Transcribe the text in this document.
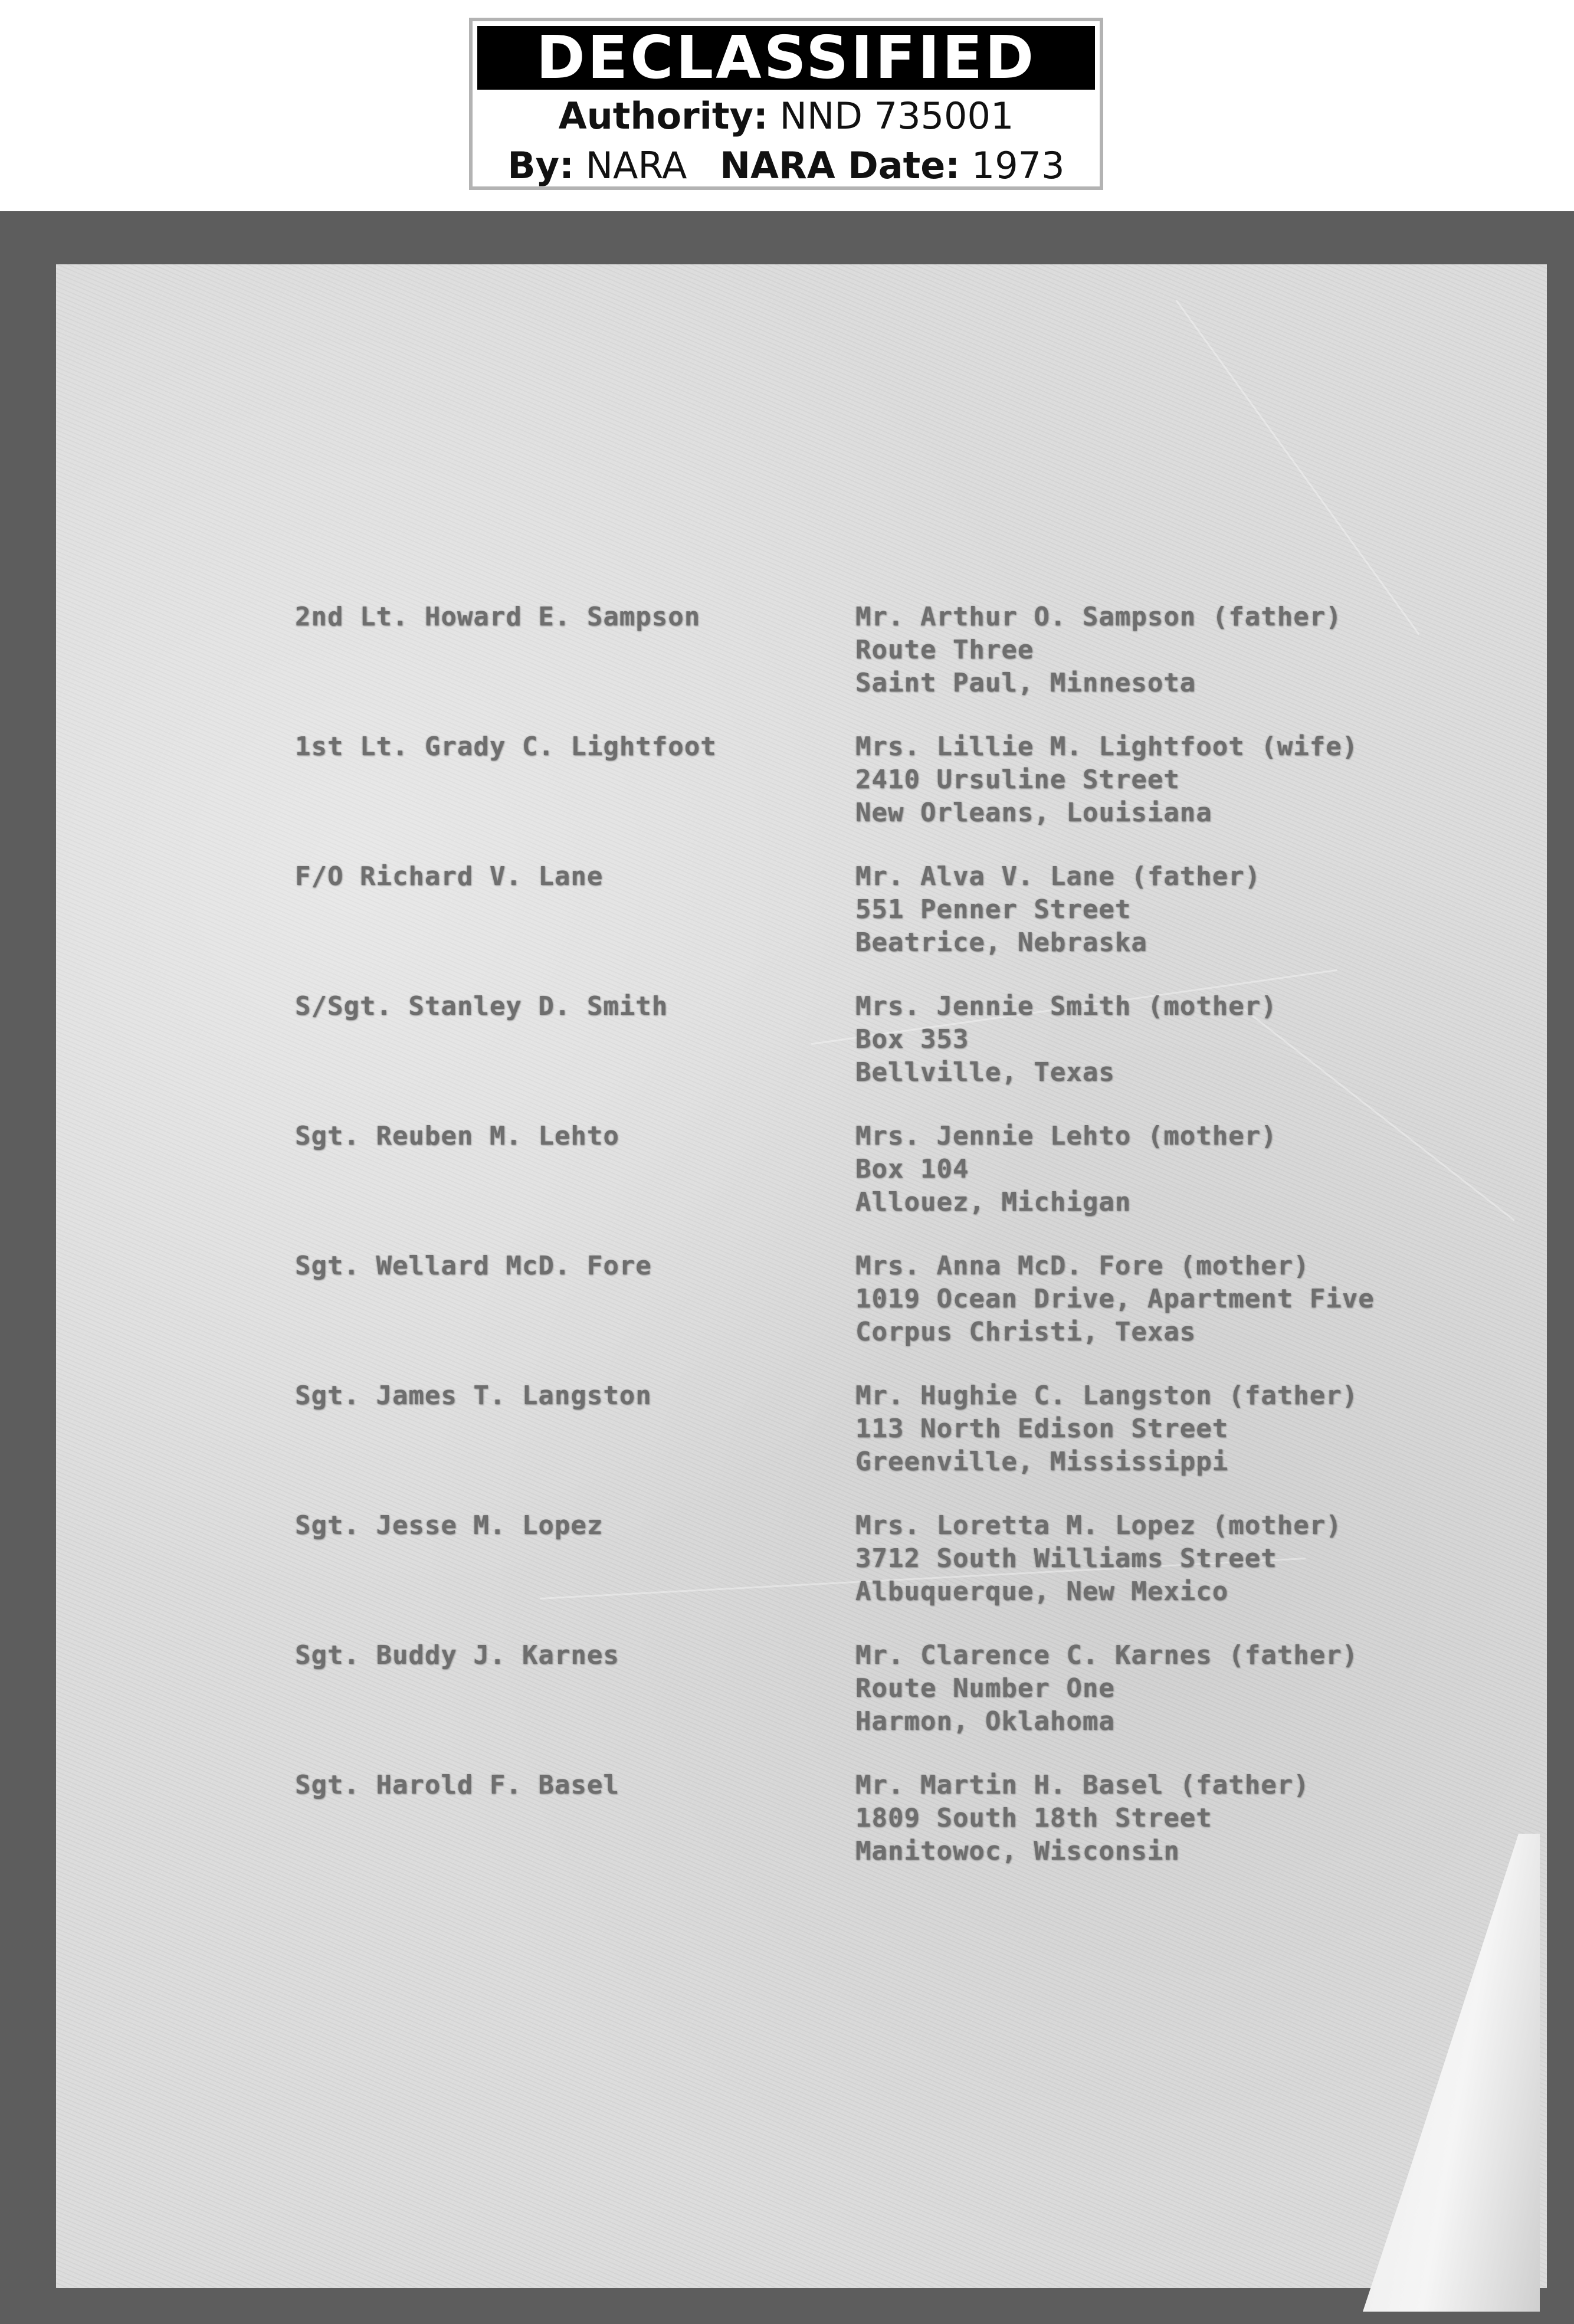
DECLASSIFIED
Authority: NND 735001
By: NARA NARA Date: 1973
2nd Lt. Howard E. Sampson	Mr. Arthur O. Sampson (father)
Route Three
Saint Paul, Minnesota
1st Lt. Grady C. Lightfoot	Mrs. Lillie M. Lightfoot (wife)
2410 Ursuline Street
New Orleans, Louisiana
F/O Richard V. Lane	Mr. Alva V. Lane (father)
551 Penner Street
Beatrice, Nebraska
S/Sgt. Stanley D. Smith	Mrs. Jennie Smith (mother)
Box 353
Bellville, Texas
Sgt. Reuben M. Lehto	Mrs. Jennie Lehto (mother)
Box 104
Allouez, Michigan
Sgt. Wellard McD. Fore	Mrs. Anna McD. Fore (mother)
1019 Ocean Drive, Apartment Five
Corpus Christi, Texas
Sgt. James T. Langston	Mr. Hughie C. Langston (father)
113 North Edison Street
Greenville, Mississippi
Sgt. Jesse M. Lopez	Mrs. Loretta M. Lopez (mother)
3712 South Williams Street
Albuquerque, New Mexico
Sgt. Buddy J. Karnes	Mr. Clarence C. Karnes (father)
Route Number One
Harmon, Oklahoma
Sgt. Harold F. Basel	Mr. Martin H. Basel (father)
1809 South 18th Street
Manitowoc, Wisconsin
